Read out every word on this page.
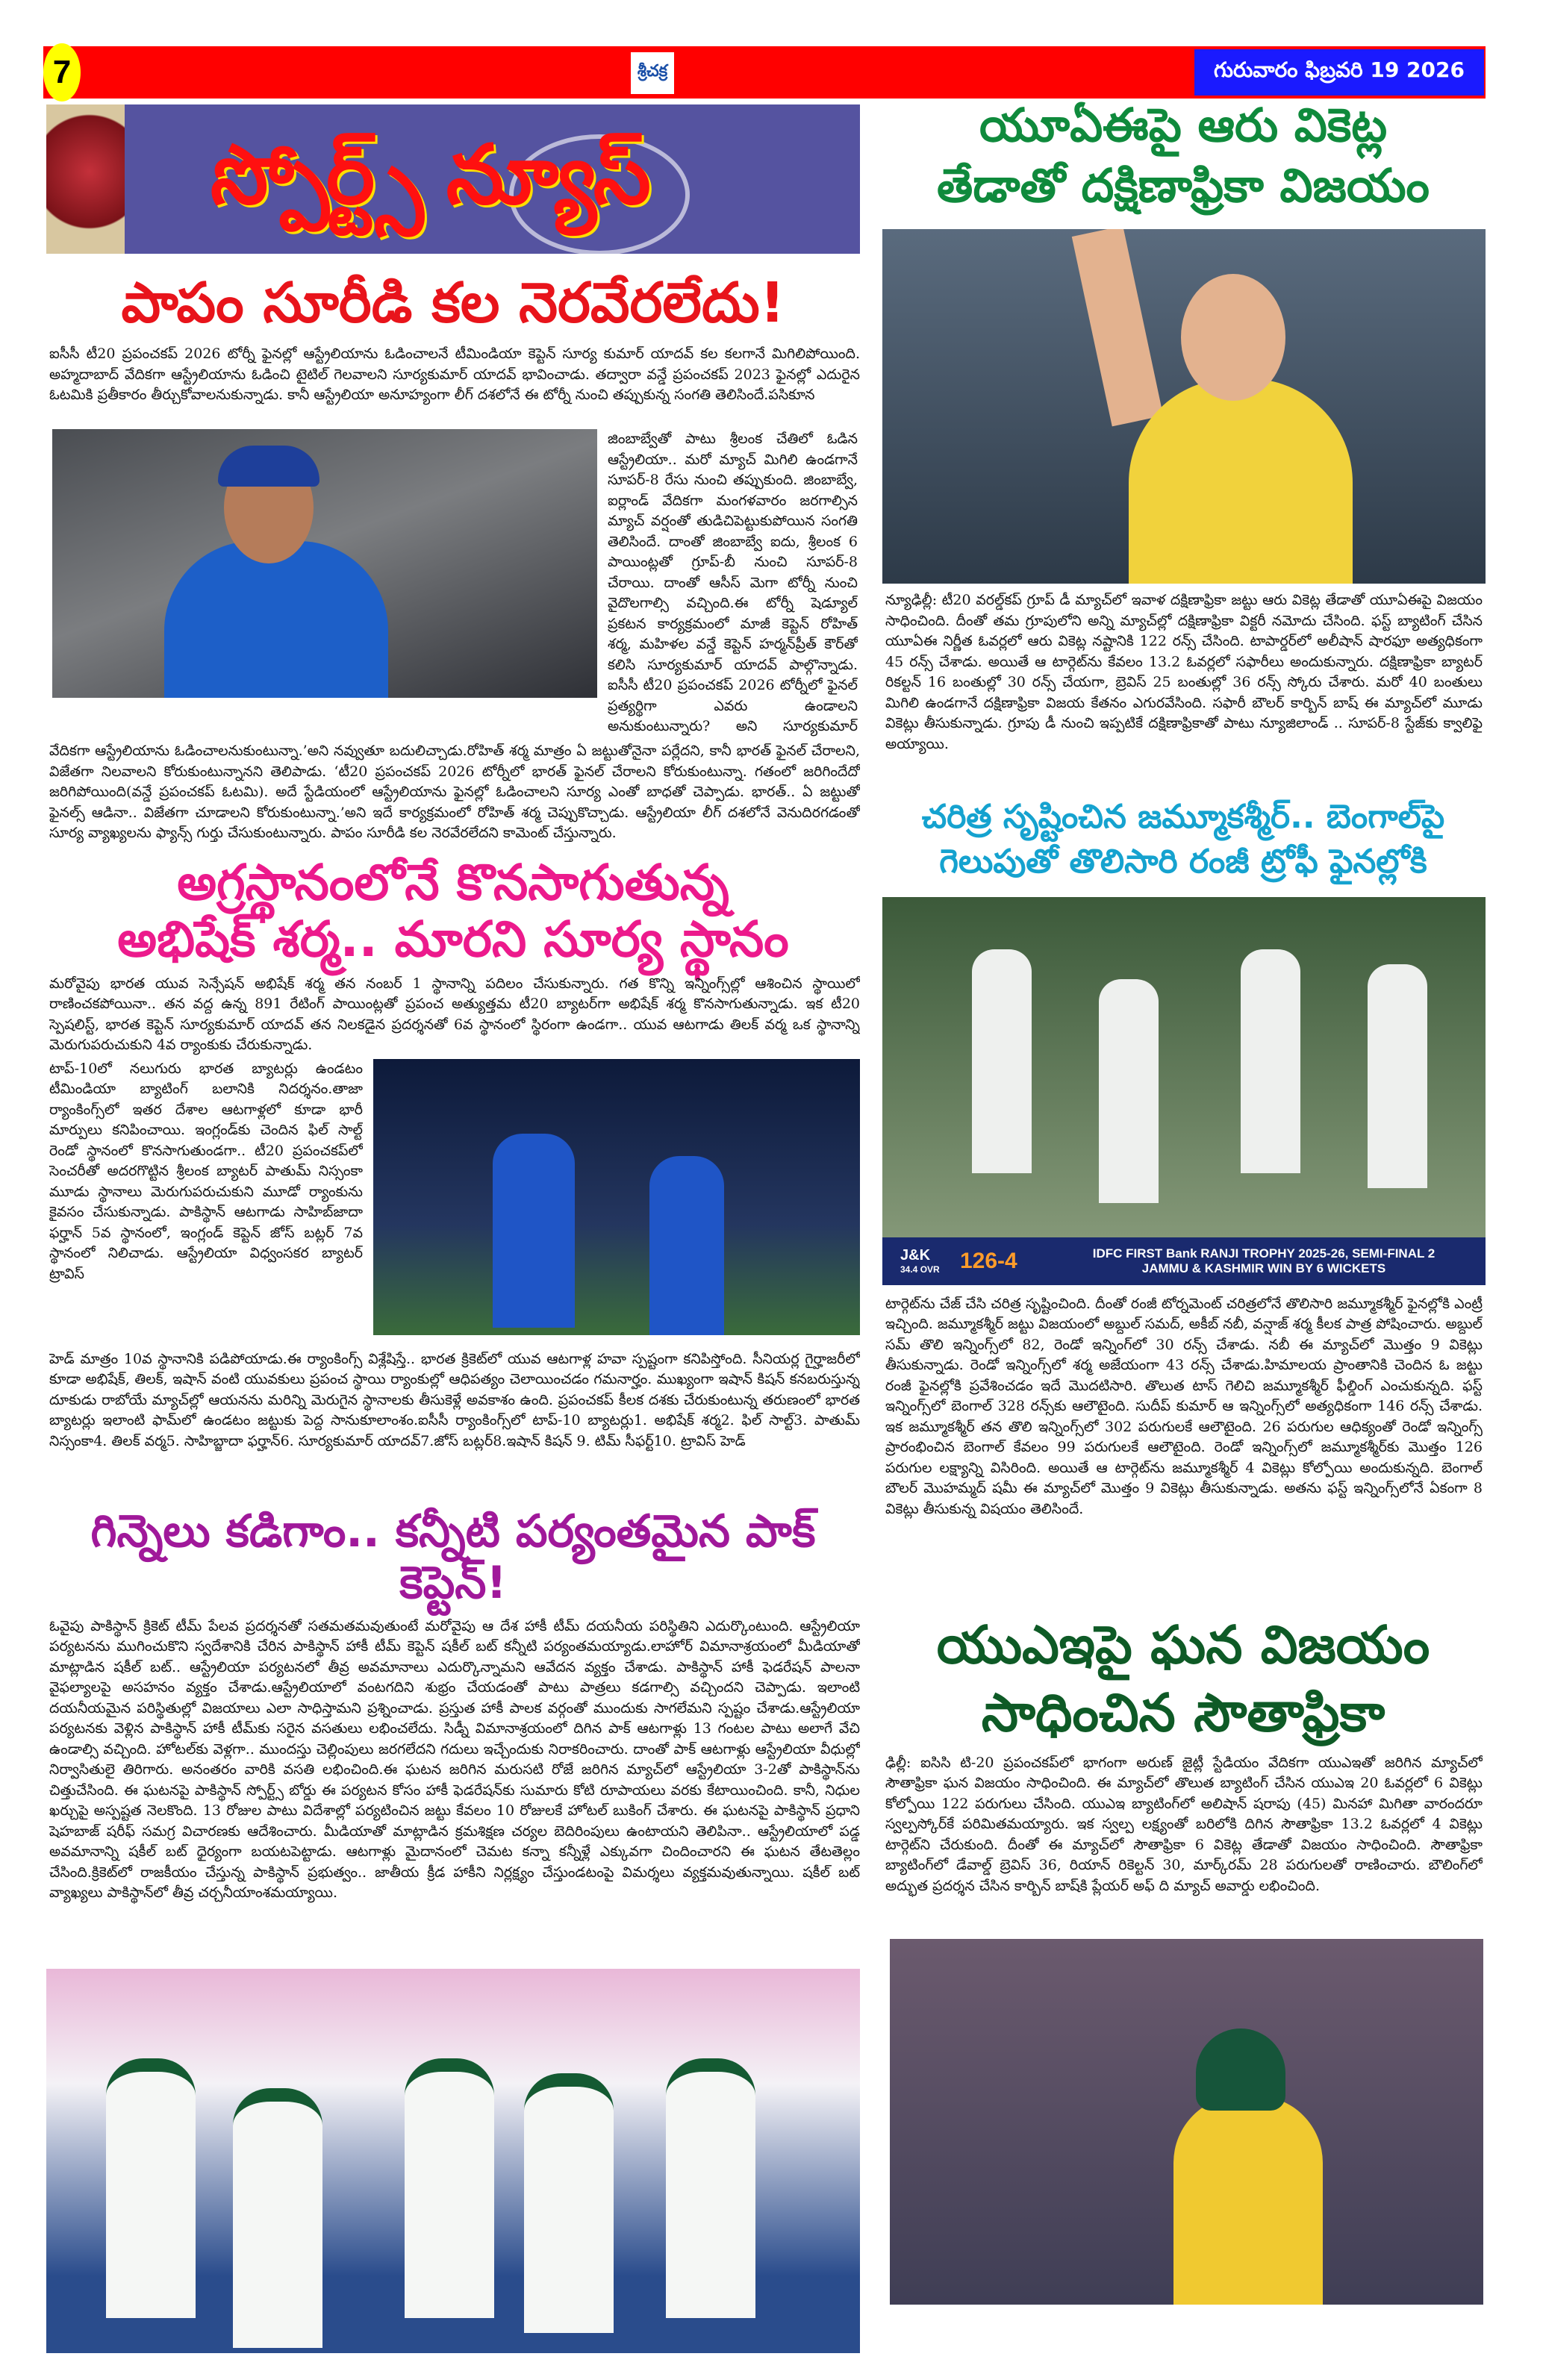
7	శ్రీచక్ర	గురువారం ఫిబ్రవరి 19 2026
స్పోర్ట్స్ న్యూస్
పాపం సూరీడి కల నెరవేరలేదు!
ఐసీసీ టీ20 ప్రపంచకప్ 2026 టోర్నీ ఫైనల్లో ఆస్ట్రేలియాను ఓడించాలనే టీమిండియా కెప్టెన్ సూర్య కుమార్ యాదవ్ కల కలగానే మిగిలిపోయింది. అహ్మదాబాద్ వేదికగా ఆస్ట్రేలియాను ఓడించి టైటిల్ గెలవాలని సూర్యకుమార్ యాదవ్ భావించాడు. తద్వారా వన్డే ప్రపంచకప్ 2023 ఫైనల్లో ఎదురైన ఓటమికి ప్రతీకారం తీర్చుకోవాలనుకున్నాడు. కానీ ఆస్ట్రేలియా అనూహ్యంగా లీగ్ దశలోనే ఈ టోర్నీ నుంచి తప్పుకున్న సంగతి తెలిసిందే.పసికూన
జింబాబ్వేతో పాటు శ్రీలంక చేతిలో ఓడిన ఆస్ట్రేలియా.. మరో మ్యాచ్ మిగిలి ఉండగానే సూపర్-8 రేసు నుంచి తప్పుకుంది. జింబాబ్వే, ఐర్లాండ్ వేదికగా మంగళవారం జరగాల్సిన మ్యాచ్ వర్షంతో తుడిచిపెట్టుకుపోయిన సంగతి తెలిసిందే. దాంతో జింబాబ్వే ఐదు, శ్రీలంక 6 పాయింట్లతో గ్రూప్-బీ నుంచి సూపర్-8 చేరాయి. దాంతో ఆసీస్ మెగా టోర్నీ నుంచి వైదొలగాల్సి వచ్చింది.ఈ టోర్నీ షెడ్యూల్ ప్రకటన కార్యక్రమంలో మాజీ కెప్టెన్ రోహిత్ శర్మ, మహిళల వన్డే కెప్టెన్ హర్మన్‌ప్రీత్ కౌర్‌తో కలిసి సూర్యకుమార్ యాదవ్ పాల్గొన్నాడు. ఐసీసీ టీ20 ప్రపంచకప్ 2026 టోర్నీలో ఫైనల్ ప్రత్యర్థిగా ఎవరు ఉండాలని అనుకుంటున్నారు? అని సూర్యకుమార్
వేదికగా ఆస్ట్రేలియాను ఓడించాలనుకుంటున్నా.’అని నవ్వుతూ బదులిచ్చాడు.రోహిత్ శర్మ మాత్రం ఏ జట్టుతోనైనా పర్లేదని, కానీ భారత్ ఫైనల్ చేరాలని, విజేతగా నిలవాలని కోరుకుంటున్నానని తెలిపాడు. ‘టీ20 ప్రపంచకప్ 2026 టోర్నీలో భారత్ ఫైనల్ చేరాలని కోరుకుంటున్నా. గతంలో జరిగిందేదో జరిగిపోయింది(వన్డే ప్రపంచకప్ ఓటమి). అదే స్టేడియంలో ఆస్ట్రేలియాను ఫైనల్లో ఓడించాలని సూర్య ఎంతో బాధతో చెప్పాడు. భారత్.. ఏ జట్టుతో ఫైనల్స్ ఆడినా.. విజేతగా చూడాలని కోరుకుంటున్నా.’అని ఇదే కార్యక్రమంలో రోహిత్ శర్మ చెప్పుకొచ్చాడు. ఆస్ట్రేలియా లీగ్ దశలోనే వెనుదిరగడంతో సూర్య వ్యాఖ్యలను ఫ్యాన్స్ గుర్తు చేసుకుంటున్నారు. పాపం సూరీడి కల నెరవేరలేదని కామెంట్ చేస్తున్నారు.
అగ్రస్థానంలోనే కొనసాగుతున్న
అభిషేక్ శర్మ.. మారని సూర్య స్థానం
మరోవైపు భారత యువ సెన్సేషన్ అభిషేక్ శర్మ తన నంబర్ 1 స్థానాన్ని పదిలం చేసుకున్నారు. గత కొన్ని ఇన్నింగ్స్‌ల్లో ఆశించిన స్థాయిలో రాణించకపోయినా.. తన వద్ద ఉన్న 891 రేటింగ్ పాయింట్లతో ప్రపంచ అత్యుత్తమ టీ20 బ్యాటర్‌గా అభిషేక్ శర్మ కొనసాగుతున్నాడు. ఇక టీ20 స్పెషలిస్ట్, భారత కెప్టెన్ సూర్యకుమార్ యాదవ్ తన నిలకడైన ప్రదర్శనతో 6వ స్థానంలో స్థిరంగా ఉండగా.. యువ ఆటగాడు తిలక్ వర్మ ఒక స్థానాన్ని మెరుగుపరుచుకుని 4వ ర్యాంకుకు చేరుకున్నాడు.
టాప్-10లో నలుగురు భారత బ్యాటర్లు ఉండటం టీమిండియా బ్యాటింగ్ బలానికి నిదర్శనం.తాజా ర్యాంకింగ్స్‌లో ఇతర దేశాల ఆటగాళ్లలో కూడా భారీ మార్పులు కనిపించాయి. ఇంగ్లండ్‌కు చెందిన ఫిల్ సాల్ట్ రెండో స్థానంలో కొనసాగుతుండగా.. టీ20 ప్రపంచకప్‌లో సెంచరీతో అదరగొట్టిన శ్రీలంక బ్యాటర్ పాతుమ్ నిస్సంకా మూడు స్థానాలు మెరుగుపరుచుకుని మూడో ర్యాంకును కైవసం చేసుకున్నాడు. పాకిస్థాన్ ఆటగాడు సాహిబ్‌జాదా ఫర్హాన్ 5వ స్థానంలో, ఇంగ్లండ్ కెప్టెన్ జోస్ బట్లర్ 7వ స్థానంలో నిలిచాడు. ఆస్ట్రేలియా విధ్వంసకర బ్యాటర్ ట్రావిస్
హెడ్ మాత్రం 10వ స్థానానికి పడిపోయాడు.ఈ ర్యాంకింగ్స్ విశ్లేషిస్తే.. భారత క్రికెట్‌లో యువ ఆటగాళ్ల హవా స్పష్టంగా కనిపిస్తోంది. సీనియర్ల గైర్హాజరీలో కూడా అభిషేక్, తిలక్, ఇషాన్ వంటి యువకులు ప్రపంచ స్థాయి ర్యాంకుల్లో ఆధిపత్యం చెలాయించడం గమనార్హం. ముఖ్యంగా ఇషాన్ కిషన్ కనబరుస్తున్న దూకుడు రాబోయే మ్యాచ్‌ల్లో ఆయనను మరిన్ని మెరుగైన స్థానాలకు తీసుకెళ్లే అవకాశం ఉంది. ప్రపంచకప్ కీలక దశకు చేరుకుంటున్న తరుణంలో భారత బ్యాటర్లు ఇలాంటి ఫామ్‌లో ఉండటం జట్టుకు పెద్ద సానుకూలాంశం.ఐసీసీ ర్యాంకింగ్స్‌లో టాప్-10 బ్యాటర్లు1. అభిషేక్ శర్మ2. ఫిల్ సాల్ట్3. పాతుమ్ నిస్సంకా4. తిలక్ వర్మ5. సాహిబ్జాదా ఫర్హాన్6. సూర్యకుమార్ యాదవ్7.జోస్ బట్లర్8.ఇషాన్ కిషన్ 9. టిమ్ సీఫర్ట్10. ట్రావిస్ హెడ్
గిన్నెలు కడిగాం.. కన్నీటి పర్యంతమైన పాక్ కెప్టెన్!
ఓవైపు పాకిస్థాన్ క్రికెట్ టీమ్ పేలవ ప్రదర్శనతో సతమతమవుతుంటే మరోవైపు ఆ దేశ హాకీ టీమ్ దయనీయ పరిస్థితిని ఎదుర్కొంటుంది. ఆస్ట్రేలియా పర్యటనను ముగించుకొని స్వదేశానికి చేరిన పాకిస్థాన్ హాకీ టీమ్ కెప్టెన్ షకీల్ బట్ కన్నీటి పర్యంతమయ్యాడు.లాహోర్ విమానాశ్రయంలో మీడియాతో మాట్లాడిన షకీల్ బట్.. ఆస్ట్రేలియా పర్యటనలో తీవ్ర అవమానాలు ఎదుర్కొన్నామని ఆవేదన వ్యక్తం చేశాడు. పాకిస్థాన్ హాకీ ఫెడరేషన్ పాలనా వైఫల్యాలపై అసహనం వ్యక్తం చేశాడు.ఆస్ట్రేలియాలో వంటగదిని శుభ్రం చేయడంతో పాటు పాత్రలు కడగాల్సి వచ్చిందని చెప్పాడు. ఇలాంటి దయనీయమైన పరిస్థితుల్లో విజయాలు ఎలా సాధిస్తామని ప్రశ్నించాడు. ప్రస్తుత హాకీ పాలక వర్గంతో ముందుకు సాగలేమని స్పష్టం చేశాడు.ఆస్ట్రేలియా పర్యటనకు వెళ్లిన పాకిస్థాన్ హాకీ టీమ్‌కు సరైన వసతులు లభించలేదు. సిడ్నీ విమానాశ్రయంలో దిగిన పాక్ ఆటగాళ్లు 13 గంటల పాటు అలాగే వేచి ఉండాల్సి వచ్చింది. హోటల్‌కు వెళ్లగా.. ముందస్తు చెల్లింపులు జరగలేదని గదులు ఇచ్చేందుకు నిరాకరించారు. దాంతో పాక్ ఆటగాళ్లు ఆస్ట్రేలియా వీధుల్లో నిర్వాసితులై తిరిగారు. అనంతరం వారికి వసతి లభించింది.ఈ ఘటన జరిగిన మరుసటి రోజే జరిగిన మ్యాచ్‌లో ఆస్ట్రేలియా 3-2తో పాకిస్థాన్‌ను చిత్తుచేసింది. ఈ ఘటనపై పాకిస్థాన్ స్పోర్ట్స్ బోర్డు ఈ పర్యటన కోసం హాకీ ఫెడరేషన్‌కు సుమారు కోటి రూపాయలు వరకు కేటాయించింది. కానీ, నిధుల ఖర్చుపై అస్పష్టత నెలకొంది. 13 రోజుల పాటు విదేశాల్లో పర్యటించిన జట్టు కేవలం 10 రోజులకే హోటల్ బుకింగ్ చేశారు. ఈ ఘటనపై పాకిస్థాన్ ప్రధాని షెహబాజ్ షరీఫ్ సమగ్ర విచారణకు ఆదేశించారు. మీడియాతో మాట్లాడిన క్రమశిక్షణ చర్యల బెదిరింపులు ఉంటాయని తెలిపినా.. ఆస్ట్రేలియాలో పడ్డ అవమానాన్ని షకీల్ బట్ ధైర్యంగా బయటపెట్టాడు. ఆటగాళ్లు మైదానంలో చెమట కన్నా కన్నీళ్లే ఎక్కువగా చిందించారని ఈ ఘటన తేటతెల్లం చేసింది.క్రికెట్‌లో రాజకీయం చేస్తున్న పాకిస్థాన్ ప్రభుత్వం.. జాతీయ క్రీడ హాకీని నిర్లక్ష్యం చేస్తుండటంపై విమర్శలు వ్యక్తమవుతున్నాయి. షకీల్ బట్ వ్యాఖ్యలు పాకిస్థాన్‌లో తీవ్ర చర్చనీయాంశమయ్యాయి.
యూఏఈపై ఆరు వికెట్ల
తేడాతో దక్షిణాఫ్రికా విజయం
న్యూఢిల్లీ: టీ20 వరల్డ్‌కప్ గ్రూప్ డీ మ్యాచ్‌లో ఇవాళ దక్షిణాఫ్రికా జట్టు ఆరు వికెట్ల తేడాతో యూఏఈపై విజయం సాధించింది. దీంతో తమ గ్రూపులోని అన్ని మ్యాచ్‌ల్లో దక్షిణాఫ్రికా విక్టరీ నమోదు చేసింది. ఫస్ట్ బ్యాటింగ్ చేసిన యూఏఈ నిర్ణీత ఓవర్లలో ఆరు వికెట్ల నష్టానికి 122 రన్స్ చేసింది. టాపార్డర్‌లో అలీషాన్ షారఫూ అత్యధికంగా 45 రన్స్ చేశాడు. అయితే ఆ టార్గెట్‌ను కేవలం 13.2 ఓవర్లలో సఫారీలు అందుకున్నారు. దక్షిణాఫ్రికా బ్యాటర్ రికల్టన్ 16 బంతుల్లో 30 రన్స్ చేయగా, బ్రెవిస్ 25 బంతుల్లో 36 రన్స్ స్కోరు చేశారు. మరో 40 బంతులు మిగిలి ఉండగానే దక్షిణాఫ్రికా విజయ కేతనం ఎగురవేసింది. సఫారీ బౌలర్ కార్బిన్ బాష్ ఈ మ్యాచ్‌లో మూడు వికెట్లు తీసుకున్నాడు. గ్రూపు డీ నుంచి ఇప్పటికే దక్షిణాఫ్రికాతో పాటు న్యూజిలాండ్ .. సూపర్-8 స్టేజ్‌కు క్వాలిఫై అయ్యాయి.
చరిత్ర సృష్టించిన జమ్మూకశ్మీర్.. బెంగాల్‌పై
గెలుపుతో తొలిసారి రంజీ ట్రోఫీ ఫైనల్లోకి
J&K
34.4 OVR 126-4	IDFC FIRST Bank RANJI TROPHY 2025-26, SEMI-FINAL 2
JAMMU & KASHMIR WIN BY 6 WICKETS
టార్గెట్‌ను చేజ్ చేసి చరిత్ర సృష్టించింది. దీంతో రంజీ టోర్నమెంట్ చరిత్రలోనే తొలిసారి జమ్మూకశ్మీర్ ఫైనల్లోకి ఎంట్రీ ఇచ్చింది. జమ్మూకశ్మీర్ జట్టు విజయంలో అబ్దుల్ సమద్, అకీబ్ నబీ, వన్షాజ్ శర్మ కీలక పాత్ర పోషించారు. అబ్దుల్ సమ్ తొలి ఇన్నింగ్స్‌లో 82, రెండో ఇన్నింగ్‌లో 30 రన్స్ చేశాడు. నబీ ఈ మ్యాచ్‌లో మొత్తం 9 వికెట్లు తీసుకున్నాడు. రెండో ఇన్నింగ్స్‌లో శర్మ అజేయంగా 43 రన్స్ చేశాడు.హిమాలయ ప్రాంతానికి చెందిన ఓ జట్టు రంజీ ఫైనల్లోకి ప్రవేశించడం ఇదే మొదటిసారి. తొలుత టాస్ గెలిచి జమ్మూకశ్మీర్ ఫీల్డింగ్ ఎంచుకున్నది. ఫస్ట్ ఇన్నింగ్స్‌లో బెంగాల్ 328 రన్స్‌కు ఆలౌటైంది. సుదీప్ కుమార్ ఆ ఇన్నింగ్స్‌లో అత్యధికంగా 146 రన్స్ చేశాడు. ఇక జమ్మూకశ్మీర్ తన తొలి ఇన్నింగ్స్‌లో 302 పరుగులకే ఆలౌటైంది. 26 పరుగుల ఆధిక్యంతో రెండో ఇన్నింగ్స్ ప్రారంభించిన బెంగాల్ కేవలం 99 పరుగులకే ఆలౌటైంది. రెండో ఇన్నింగ్స్‌లో జమ్మూకశ్మీర్‌కు మొత్తం 126 పరుగుల లక్ష్యాన్ని విసిరింది. అయితే ఆ టార్గెట్‌ను జమ్మూకశ్మీర్ 4 వికెట్లు కోల్పోయి అందుకున్నది. బెంగాల్ బౌలర్ మొహమ్మద్ షమీ ఈ మ్యాచ్‌లో మొత్తం 9 వికెట్లు తీసుకున్నాడు. అతను ఫస్ట్ ఇన్నింగ్స్‌లోనే ఏకంగా 8 వికెట్లు తీసుకున్న విషయం తెలిసిందే.
యుఎఇపై ఘన విజయం
సాధించిన సౌతాఫ్రికా
ఢిల్లీ: ఐసిసి టి-20 ప్రపంచకప్‌లో భాగంగా అరుణ్ జైట్లీ స్టేడియం వేదికగా యుఎఇతో జరిగిన మ్యాచ్‌లో సౌతాఫ్రికా ఘన విజయం సాధించింది. ఈ మ్యాచ్‌లో తొలుత బ్యాటింగ్ చేసిన యుఎఇ 20 ఓవర్లలో 6 వికెట్లు కోల్పోయి 122 పరుగులు చేసింది. యుఎఇ బ్యాటింగ్‌లో అలిషాన్ షరాపు (45) మినహా మిగితా వారందరూ స్వల్పస్కోర్‌కే పరిమితమయ్యారు. ఇక స్వల్ప లక్ష్యంతో బరిలోకి దిగిన సౌతాఫ్రికా 13.2 ఓవర్లలో 4 వికెట్లు టార్గెట్‌ని చేరుకుంది. దీంతో ఈ మ్యాచ్‌లో సౌతాఫ్రికా 6 వికెట్ల తేడాతో విజయం సాధించింది. సౌతాఫ్రికా బ్యాటింగ్‌లో డేవాల్డ్ బ్రెవిస్ 36, రియాన్ రికెల్టన్ 30, మార్క్‌రమ్ 28 పరుగులతో రాణించారు. బౌలింగ్‌లో అద్భుత ప్రదర్శన చేసిన కార్బిన్ బాష్‌కి ప్లేయర్ అఫ్ ది మ్యాచ్ అవార్డు లభించింది.
